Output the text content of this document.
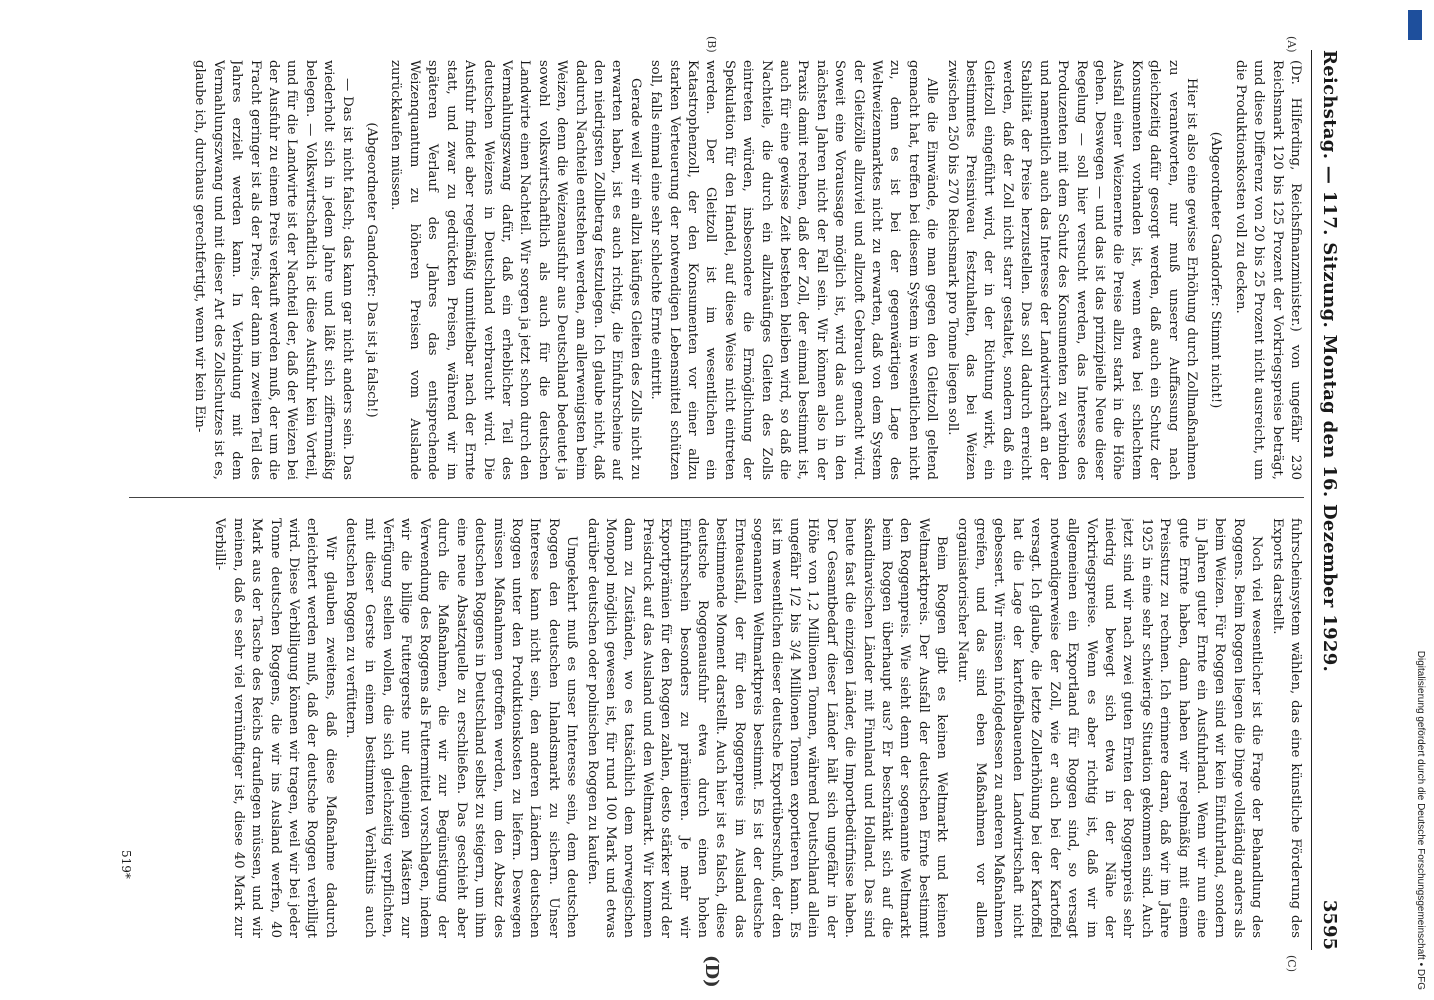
Reichstag. — 117. Sitzung. Montag den 16. Dezember 1929.
3595
(A)
(B)
(C)
(D)

(Dr. Hilferding, Reichsfinanzminister.) von ungefähr 230 Reichsmark 120 bis 125 Prozent der Vorkriegspreise beträgt, und diese Differenz von 20 bis 25 Prozent nicht ausreicht, um die Produktionskosten voll zu decken.

(Abgeordneter Gandorfer: Stimmt nicht!)

Hier ist also eine gewisse Erhöhung durch Zollmaßnahmen zu verantworten, nur muß unserer Auffassung nach gleichzeitig dafür gesorgt werden, daß auch ein Schutz der Konsumenten vorhanden ist, wenn etwa bei schlechtem Ausfall einer Weizenernte die Preise allzu stark in die Höhe gehen. Deswegen — und das ist das prinzipielle Neue dieser Regelung — soll hier versucht werden, das Interesse des Produzenten mit dem Schutz des Konsumenten zu verbinden und namentlich auch das Interesse der Landwirtschaft an der Stabilität der Preise herzustellen. Das soll dadurch erreicht werden, daß der Zoll nicht starr gestaltet, sondern daß ein Gleitzoll eingeführt wird, der in der Richtung wirkt, ein bestimmtes Preisniveau festzuhalten, das bei Weizen zwischen 250 bis 270 Reichsmark pro Tonne liegen soll.

Alle die Einwände, die man gegen den Gleitzoll geltend gemacht hat, treffen bei diesem System in wesentlichen nicht zu, denn es ist bei der gegenwärtigen Lage des Weltweizenmarktes nicht zu erwarten, daß von dem System der Gleitzölle allzuviel und allzuoft Gebrauch gemacht wird. Soweit eine Voraussage möglich ist, wird das auch in den nächsten Jahren nicht der Fall sein. Wir können also in der Praxis damit rechnen, daß der Zoll, der einmal bestimmt ist, auch für eine gewisse Zeit bestehen bleiben wird, so daß die Nachteile, die durch ein allzuhäufiges Gleiten des Zolls eintreten würden, insbesondere die Ermöglichung der Spekulation für den Handel, auf diese Weise nicht eintreten werden. Der Gleitzoll ist im wesentlichen ein Katastrophenzoll, der den Konsumenten vor einer allzu starken Verteuerung der notwendigen Lebensmittel schützen soll, falls einmal eine sehr schlechte Ernte eintritt.

Gerade weil wir ein allzu häufiges Gleiten des Zolls nicht zu erwarten haben, ist es auch richtig, die Einfuhrscheine auf den niedrigsten Zollbetrag festzulegen. Ich glaube nicht, daß dadurch Nachteile entstehen werden, am allerwenigsten beim Weizen, denn die Weizenausfuhr aus Deutschland bedeutet ja sowohl volkswirtschaftlich als auch für die deutschen Landwirte einen Nachteil. Wir sorgen ja jetzt schon durch den Vermahlungszwang dafür, daß ein erheblicher Teil des deutschen Weizens in Deutschland verbraucht wird. Die Ausfuhr findet aber regelmäßig unmittelbar nach der Ernte statt, und zwar zu gedrückten Preisen, während wir im späteren Verlauf des Jahres das entsprechende Weizenquantum zu höheren Preisen vom Auslande zurückkaufen müssen.

(Abgeordneter Gandorfer: Das ist ja falsch!)

— Das ist nicht falsch; das kann gar nicht anders sein. Das wiederholt sich in jedem Jahre und läßt sich ziffernmäßig belegen. — Volkswirtschaftlich ist diese Ausfuhr kein Vorteil, und für die Landwirte ist der Nachteil der, daß der Weizen bei der Ausfuhr zu einem Preis verkauft werden muß, der um die Fracht geringer ist als der Preis, der dann im zweiten Teil des Jahres erzielt werden kann. In Verbindung mit dem Vermahlungszwang und mit dieser Art des Zollschutzes ist es, glaube ich, durchaus gerechtfertigt, wenn wir kein Ein-

fuhrscheinsystem wählen, das eine künstliche Förderung des Exports darstellt.

Noch viel wesentlicher ist die Frage der Behandlung des Roggens. Beim Roggen liegen die Dinge vollständig anders als beim Weizen. Für Roggen sind wir kein Einfuhrland, sondern in Jahren guter Ernte ein Ausfuhrland. Wenn wir nun eine gute Ernte haben, dann haben wir regelmäßig mit einem Preissturz zu rechnen. Ich erinnere daran, daß wir im Jahre 1925 in eine sehr schwierige Situation gekommen sind. Auch jetzt sind wir nach zwei guten Ernten der Roggenpreis sehr niedrig und bewegt sich etwa in der Nähe der Vorkriegspreise. Wenn es aber richtig ist, daß wir im allgemeinen ein Exportland für Roggen sind, so versagt notwendigerweise der Zoll, wie er auch bei der Kartoffel versagt. Ich glaube, die letzte Zollerhöhung bei der Kartoffel hat die Lage der kartoffelbauenden Landwirtschaft nicht gebessert. Wir müssen infolgedessen zu anderen Maßnahmen greifen, und das sind eben Maßnahmen vor allem organisatorischer Natur.

Beim Roggen gibt es keinen Weltmarkt und keinen Weltmarktpreis. Der Ausfall der deutschen Ernte bestimmt den Roggenpreis. Wie sieht denn der sogenannte Weltmarkt beim Roggen überhaupt aus? Er beschränkt sich auf die skandinavischen Länder mit Finnland und Holland. Das sind heute fast die einzigen Länder, die Importbedürfnisse haben. Der Gesamtbedarf dieser Länder hält sich ungefähr in der Höhe von 1,2 Millionen Tonnen, während Deutschland allein ungefähr 1/2 bis 3/4 Millionen Tonnen exportieren kann. Es ist im wesentlichen dieser deutsche Exportüberschuß, der den sogenannten Weltmarktpreis bestimmt. Es ist der deutsche Ernteausfall, der für den Roggenpreis im Ausland das bestimmende Moment darstellt. Auch hier ist es falsch, diese deutsche Roggenausfuhr etwa durch einen hohen Einfuhrschein besonders zu prämiieren. Je mehr wir Exportprämien für den Roggen zahlen, desto stärker wird der Preisdruck auf das Ausland und den Weltmarkt. Wir kommen dann zu Zuständen, wo es tatsächlich dem norwegischen Monopol möglich gewesen ist, für rund 100 Mark und etwas darüber deutschen oder polnischen Roggen zu kaufen.

Umgekehrt muß es unser Interesse sein, dem deutschen Roggen den deutschen Inlandsmarkt zu sichern. Unser Interesse kann nicht sein, den anderen Ländern deutschen Roggen unter den Produktionskosten zu liefern. Deswegen müssen Maßnahmen getroffen werden, um den Absatz des deutschen Roggens in Deutschland selbst zu steigern, um ihm eine neue Absatzquelle zu erschließen. Das geschieht aber durch die Maßnahmen, die wir zur Begünstigung der Verwendung des Roggens als Futtermittel vorschlagen, indem wir die billige Futtergerste nur denjenigen Mästern zur Verfügung stellen wollen, die sich gleichzeitig verpflichten, mit dieser Gerste in einem bestimmten Verhältnis auch deutschen Roggen zu verfüttern.

Wir glauben zweitens, daß diese Maßnahme dadurch erleichtert werden muß, daß der deutsche Roggen verbilligt wird. Diese Verbilligung können wir tragen, weil wir bei jeder Tonne deutschen Roggens, die wir ins Ausland werfen, 40 Mark aus der Tasche des Reichs drauflegen müssen, und wir meinen, daß es sehr viel vernünftiger ist, diese 40 Mark zur Verbilli-

519*	Digitalisierung gefördert durch die Deutsche Forschungsgemeinschaft • DFG
